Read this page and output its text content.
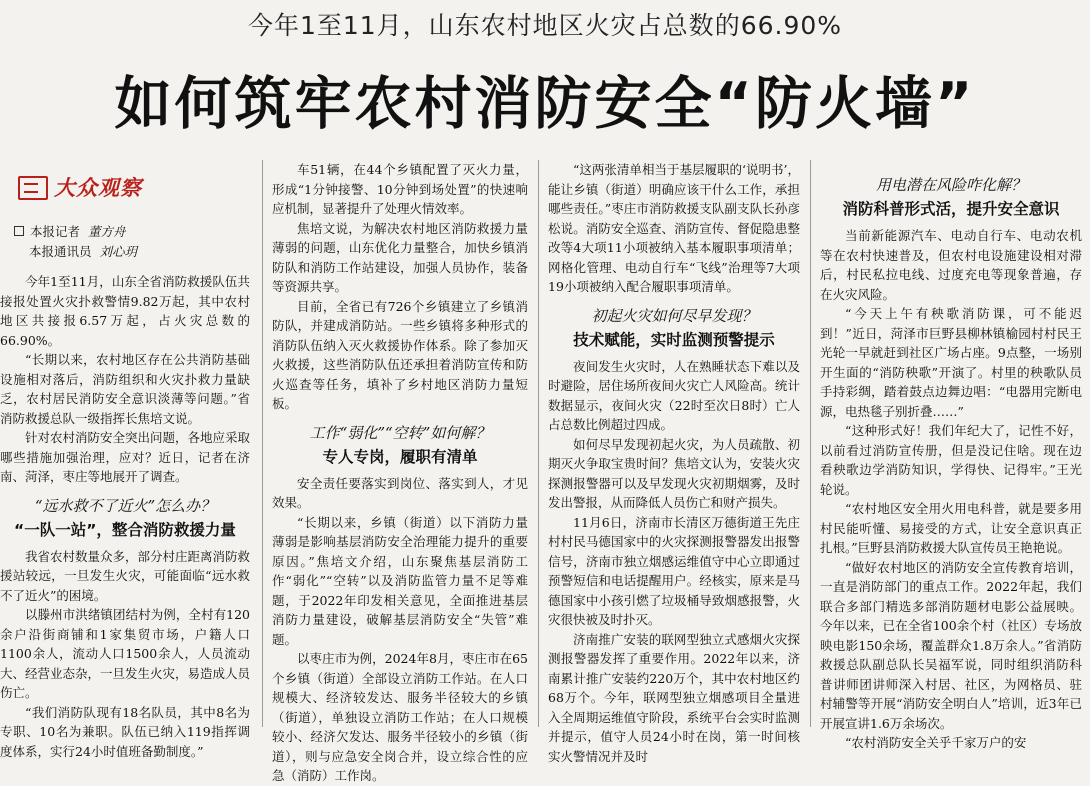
今年1至11月，山东农村地区火灾占总数的66.90%
如何筑牢农村消防安全“防火墙”
大众观察
本报记者 董方舟
本报通讯员 刘心玥

今年1至11月，山东全省消防救援队伍共接报处置火灾扑救警情9.82万起，其中农村地区共接报6.57万起，占火灾总数的66.90%。

“长期以来，农村地区存在公共消防基础设施相对落后，消防组织和火灾扑救力量缺乏，农村居民消防安全意识淡薄等问题。”省消防救援总队一级指挥长焦培文说。

针对农村消防安全突出问题，各地应采取哪些措施加强治理，应对？近日，记者在济南、菏泽，枣庄等地展开了调查。

“远水救不了近火”怎么办？
“一队一站”，整合消防救援力量

我省农村数量众多，部分村庄距离消防救援站较远，一旦发生火灾，可能面临“远水救不了近火”的困境。

以滕州市洪绪镇团结村为例，全村有120余户沿街商铺和1家集贸市场，户籍人口1100余人，流动人口1500余人，人员流动大、经营业态杂，一旦发生火灾，易造成人员伤亡。

“我们消防队现有18名队员，其中8名为专职、10名为兼职。队伍已纳入119指挥调度体系，实行24小时值班备勤制度。”

车51辆，在44个乡镇配置了灭火力量，形成“1分钟接警、10分钟到场处置”的快速响应机制，显著提升了处理火情效率。

焦培文说，为解决农村地区消防救援力量薄弱的问题，山东优化力量整合，加快乡镇消防队和消防工作站建设，加强人员协作，装备等资源共享。

目前，全省已有726个乡镇建立了乡镇消防队，并建成消防站。一些乡镇将多种形式的消防队伍纳入灭火救援协作体系。除了参加灭火救援，这些消防队伍还承担着消防宣传和防火巡查等任务，填补了乡村地区消防力量短板。

工作“弱化”“空转”如何解？
专人专岗，履职有清单

安全责任要落实到岗位、落实到人，才见效果。

“长期以来，乡镇（街道）以下消防力量薄弱是影响基层消防安全治理能力提升的重要原因。”焦培文介绍，山东聚焦基层消防工作“弱化”“空转”以及消防监管力量不足等难题，于2022年印发相关意见，全面推进基层消防力量建设，破解基层消防安全“失管”难题。

以枣庄市为例，2024年8月，枣庄市在65个乡镇（街道）全部设立消防工作站。在人口规模大、经济较发达、服务半径较大的乡镇（街道），单独设立消防工作站；在人口规模较小、经济欠发达、服务半径较小的乡镇（街道），则与应急安全岗合并，设立综合性的应急（消防）工作岗。

“这两张清单相当于基层履职的‘说明书’，能让乡镇（街道）明确应该干什么工作，承担哪些责任。”枣庄市消防救援支队副支队长孙彦松说。消防安全巡查、消防宣传、督促隐患整改等4大项11小项被纳入基本履职事项清单；网格化管理、电动自行车“飞线”治理等7大项19小项被纳入配合履职事项清单。

初起火灾如何尽早发现？
技术赋能，实时监测预警提示

夜间发生火灾时，人在熟睡状态下难以及时避险，居住场所夜间火灾亡人风险高。统计数据显示，夜间火灾（22时至次日8时）亡人占总数比例超过四成。

如何尽早发现初起火灾，为人员疏散、初期灭火争取宝贵时间？焦培文认为，安装火灾探测报警器可以及早发现火灾初期烟雾，及时发出警报，从而降低人员伤亡和财产损失。

11月6日，济南市长清区万德街道王先庄村村民马德国家中的火灾探测报警器发出报警信号，济南市独立烟感运维值守中心立即通过预警短信和电话提醒用户。经核实，原来是马德国家中小孩引燃了垃圾桶导致烟感报警，火灾很快被及时扑灭。

济南推广安装的联网型独立式感烟火灾探测报警器发挥了重要作用。2022年以来，济南累计推广安装约220万个，其中农村地区约68万个。今年，联网型独立烟感项目全量进入全周期运维值守阶段，系统平台会实时监测并提示，值守人员24小时在岗，第一时间核实火警情况并及时

用电潜在风险咋化解？
消防科普形式活，提升安全意识

当前新能源汽车、电动自行车、电动农机等在农村快速普及，但农村电设施建设相对滞后，村民私拉电线、过度充电等现象普遍，存在火灾风险。

“今天上午有秧歌消防课，可不能迟到！”近日，菏泽市巨野县柳林镇榆园村村民王光轮一早就赶到社区广场占座。9点整，一场别开生面的“消防秧歌”开演了。村里的秧歌队员手持彩绸，踏着鼓点边舞边唱：“电器用完断电源，电热毯子别折叠……”

“这种形式好！我们年纪大了，记性不好，以前看过消防宣传册，但是没记住啥。现在边看秧歌边学消防知识，学得快、记得牢。”王光轮说。

“农村地区安全用火用电科普，就是要多用村民能听懂、易接受的方式，让安全意识真正扎根。”巨野县消防救援大队宣传员王艳艳说。

“做好农村地区的消防安全宣传教育培训，一直是消防部门的重点工作。2022年起，我们联合多部门精选多部消防题材电影公益展映。今年以来，已在全省100余个村（社区）专场放映电影150余场，覆盖群众1.8万余人。”省消防救援总队副总队长吴福军说，同时组织消防科普讲师团讲师深入村居、社区，为网格员、驻村辅警等开展“消防安全明白人”培训，近3年已开展宣讲1.6万余场次。

“农村消防安全关乎千家万户的安
